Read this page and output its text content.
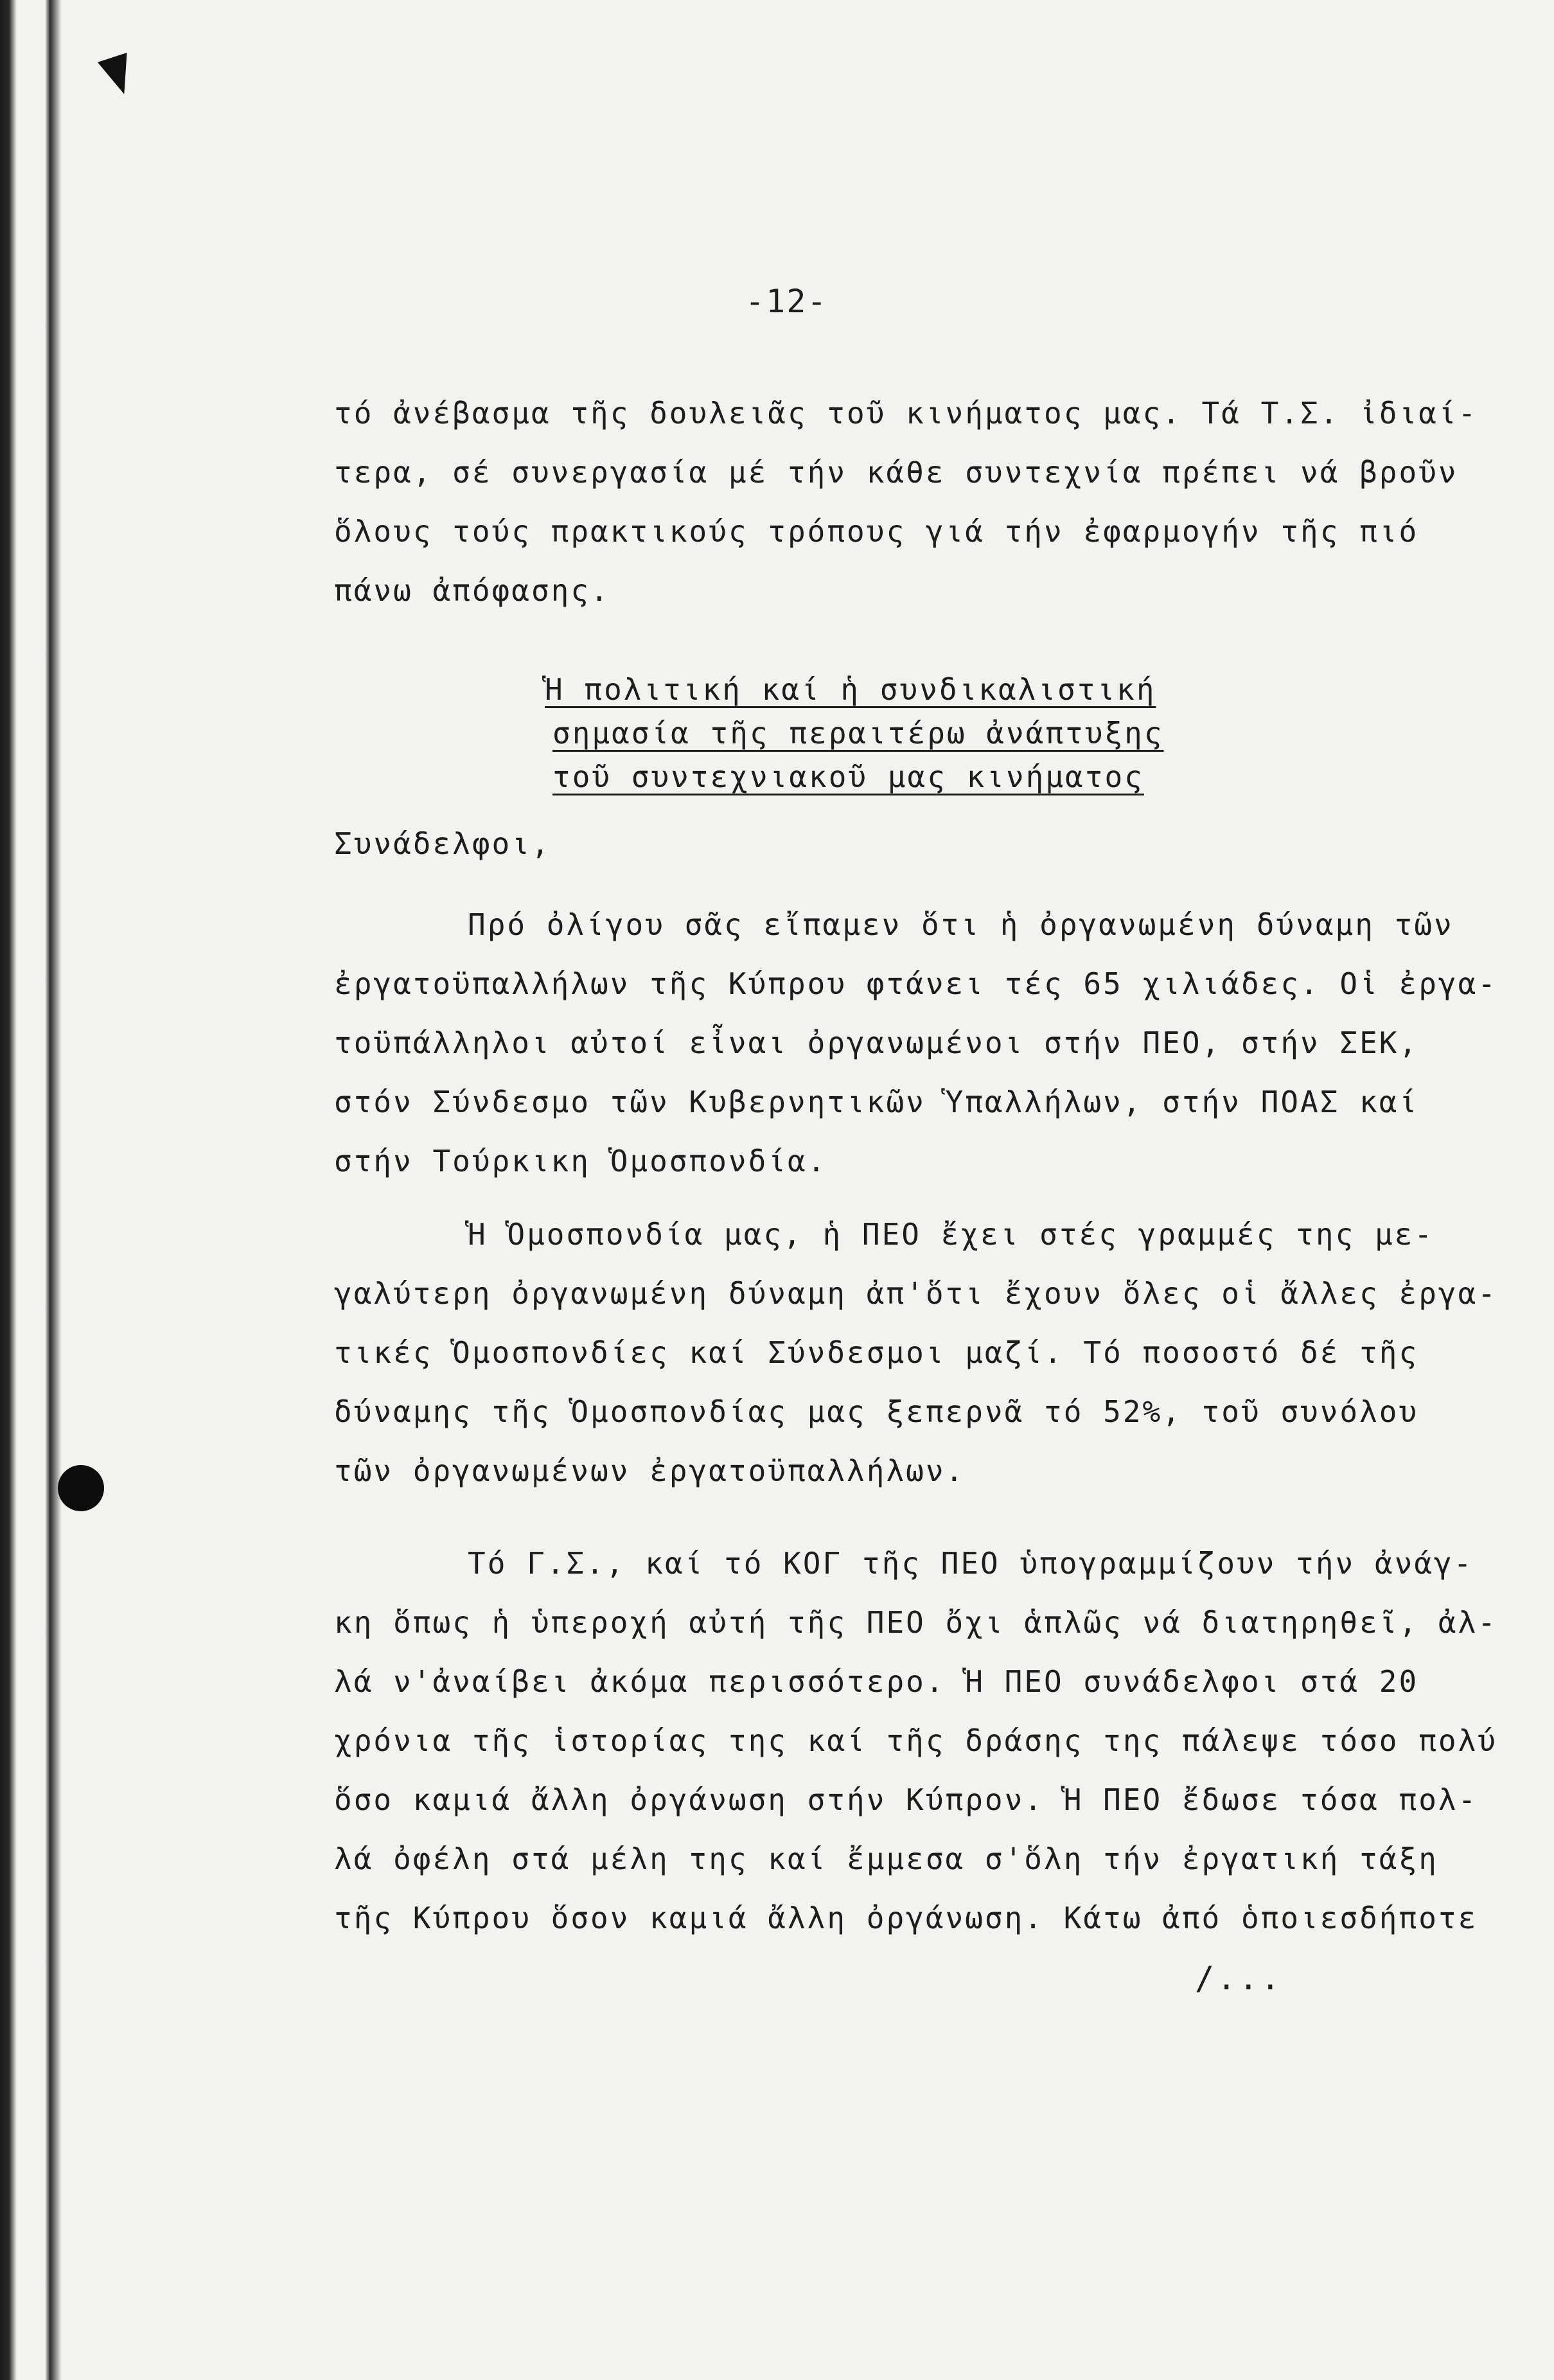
-12-
τό ἀνέβασμα τῆς δουλειᾶς τοῦ κινήματος μας. Τά Τ.Σ. ἰδιαί-
τερα, σέ συνεργασία μέ τήν κάθε συντεχνία πρέπει νά βροῦν
ὅλους τούς πρακτικούς τρόπους γιά τήν ἐφαρμογήν τῆς πιό
πάνω ἀπόφασης.
Ἡ πολιτική καί ἡ συνδικαλιστική
σημασία τῆς περαιτέρω ἀνάπτυξης
τοῦ συντεχνιακοῦ μας κινήματος
Συνάδελφοι,
Πρό ὀλίγου σᾶς εἴπαμεν ὅτι ἡ ὀργανωμένη δύναμη τῶν
ἐργατοϋπαλλήλων τῆς Κύπρου φτάνει τές 65 χιλιάδες. Οἱ ἐργα-
τοϋπάλληλοι αὐτοί εἶναι ὀργανωμένοι στήν ΠΕΟ, στήν ΣΕΚ,
στόν Σύνδεσμο τῶν Κυβερνητικῶν Ὑπαλλήλων, στήν ΠΟΑΣ καί
στήν Τούρκικη Ὁμοσπονδία.
Ἡ Ὁμοσπονδία μας, ἡ ΠΕΟ ἔχει στές γραμμές της με-
γαλύτερη ὀργανωμένη δύναμη ἀπ'ὅτι ἔχουν ὅλες οἱ ἄλλες ἐργα-
τικές Ὁμοσπονδίες καί Σύνδεσμοι μαζί. Τό ποσοστό δέ τῆς
δύναμης τῆς Ὁμοσπονδίας μας ξεπερνᾶ τό 52%, τοῦ συνόλου
τῶν ὀργανωμένων ἐργατοϋπαλλήλων.
Τό Γ.Σ., καί τό ΚΟΓ τῆς ΠΕΟ ὑπογραμμίζουν τήν ἀνάγ-
κη ὅπως ἡ ὑπεροχή αὐτή τῆς ΠΕΟ ὄχι ἁπλῶς νά διατηρηθεῖ, ἀλ-
λά ν'ἀναίβει ἀκόμα περισσότερο. Ἡ ΠΕΟ συνάδελφοι στά 20
χρόνια τῆς ἱστορίας της καί τῆς δράσης της πάλεψε τόσο πολύ
ὅσο καμιά ἄλλη ὀργάνωση στήν Κύπρον. Ἡ ΠΕΟ ἔδωσε τόσα πολ-
λά ὀφέλη στά μέλη της καί ἔμμεσα σ'ὅλη τήν ἐργατική τάξη
τῆς Κύπρου ὅσον καμιά ἄλλη ὀργάνωση. Κάτω ἀπό ὁποιεσδήποτε
/...
